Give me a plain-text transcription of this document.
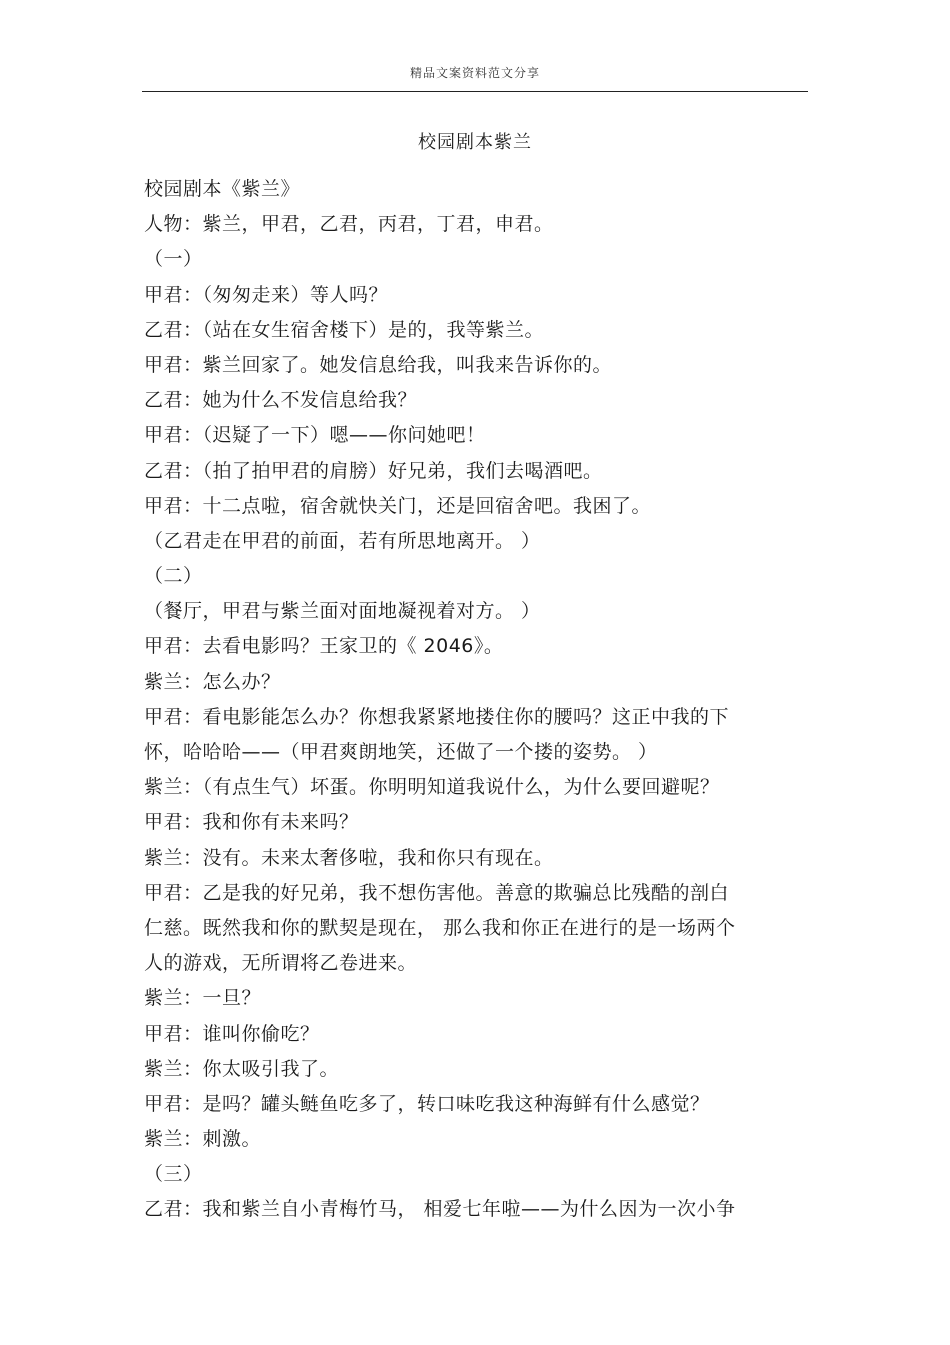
精品文案资料范文分享
校园剧本紫兰
校园剧本《紫兰》
人物：紫兰，甲君，乙君，丙君，丁君，申君。
（一）
甲君：（匆匆走来）等人吗？
乙君：（站在女生宿舍楼下）是的，我等紫兰。
甲君：紫兰回家了。她发信息给我，叫我来告诉你的。
乙君：她为什么不发信息给我？
甲君：（迟疑了一下）嗯——你问她吧！
乙君：（拍了拍甲君的肩膀）好兄弟，我们去喝酒吧。
甲君：十二点啦，宿舍就快关门，还是回宿舍吧。我困了。
（乙君走在甲君的前面，若有所思地离开。 ）
（二）
（餐厅，甲君与紫兰面对面地凝视着对方。 ）
甲君：去看电影吗？王家卫的《 2046》。
紫兰：怎么办？
甲君：看电影能怎么办？你想我紧紧地搂住你的腰吗？这正中我的下
怀，哈哈哈——（甲君爽朗地笑，还做了一个搂的姿势。 ）
紫兰：（有点生气）坏蛋。你明明知道我说什么，为什么要回避呢？
甲君：我和你有未来吗？
紫兰：没有。未来太奢侈啦，我和你只有现在。
甲君：乙是我的好兄弟，我不想伤害他。善意的欺骗总比残酷的剖白
仁慈。既然我和你的默契是现在， 那么我和你正在进行的是一场两个
人的游戏，无所谓将乙卷进来。
紫兰：一旦？
甲君：谁叫你偷吃？
紫兰：你太吸引我了。
甲君：是吗？罐头鲢鱼吃多了，转口味吃我这种海鲜有什么感觉？
紫兰：刺激。
（三）
乙君：我和紫兰自小青梅竹马， 相爱七年啦——为什么因为一次小争
